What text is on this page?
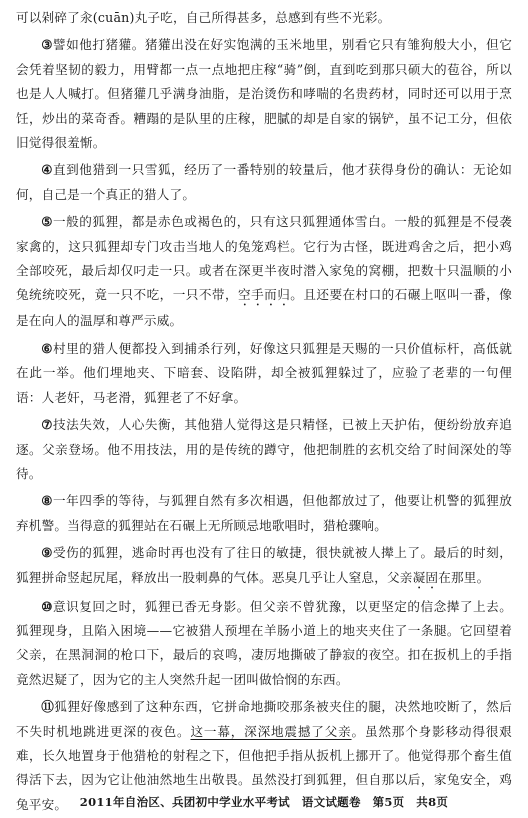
可以剁碎了汆(cuān)丸子吃，自己所得甚多，总感到有些不光彩。

③譬如他打猪獾。猪獾出没在好实饱满的玉米地里，别看它只有雏狗般大小，但它会凭着坚韧的毅力，用臂都一点一点地把庄稼“骑”倒，直到吃到那只硕大的苞谷，所以也是人人喊打。但猪獾几乎满身油脂，是治烫伤和哮喘的名贵药材，同时还可以用于烹饪，炒出的菜奇香。糟蹋的是队里的庄稼，肥膩的却是自家的锅铲，虽不记工分，但依旧觉得很羞惭。

④直到他猎到一只雪狐，经历了一番特别的较量后，他才获得身份的确认：无论如何，自己是一个真正的猎人了。

⑤一般的狐狸，都是赤色或褐色的，只有这只狐狸通体雪白。一般的狐狸是不侵袭家禽的，这只狐狸却专门攻击当地人的兔笼鸡栏。它行为古怪，既进鸡舍之后，把小鸡全部咬死，最后却仅叼走一只。或者在深更半夜时潜入家兔的窝棚，把数十只温顺的小兔统统咬死，竟一只不吃，一只不带，空手而归。且还要在村口的石碾上呕叫一番，像是在向人的温厚和尊严示威。

⑥村里的猎人便都投入到捕杀行列，好像这只狐狸是天赐的一只价值标杆，高低就在此一举。他们埋地夹、下暗套、设陷阱，却全被狐狸躲过了，应验了老辈的一句俚语：人老奸，马老滑，狐狸老了不好拿。

⑦技法失效，人心失衡，其他猎人觉得这是只精怪，已被上天护佑，便纷纷放弃追逐。父亲登场。他不用技法，用的是传统的蹲守，他把制胜的玄机交给了时间深处的等待。

⑧一年四季的等待，与狐狸自然有多次相遇，但他都放过了，他要让机警的狐狸放弃机警。当得意的狐狸站在石碾上无所顾忌地歌唱时，猎枪骤响。

⑨受伤的狐狸，逃命时再也没有了往日的敏捷，很快就被人撵上了。最后的时刻，狐狸拼命竖起尻尾，释放出一股刺鼻的气体。恶臭几乎让人窒息，父亲凝固在那里。

⑩意识复回之时，狐狸已香无身影。但父亲不曾犹豫，以更坚定的信念撵了上去。狐狸现身，且陷入困境——它被猎人预埋在羊肠小道上的地夹夹住了一条腿。它回望着父亲，在黑洞洞的枪口下，最后的哀鸣，凄厉地撕破了静寂的夜空。扣在扳机上的手指竟然迟疑了，因为它的主人突然升起一团叫做恰悯的东西。

⑪狐狸好像感到了这种东西，它拼命地撕咬那条被夹住的腿，决然地咬断了，然后不失时机地跳进更深的夜色。这一幕，深深地震撼了父亲。虽然那个身影移动得很艰难，长久地置身于他猎枪的射程之下，但他把手指从扳机上挪开了。他觉得那个畜生值得活下去，因为它让他油然地生出敬畏。虽然没打到狐狸，但自那以后，家兔安全，鸡兔平安。	2011年自治区、兵团初中学业水平考试　语文试题卷　第5页　共8页
